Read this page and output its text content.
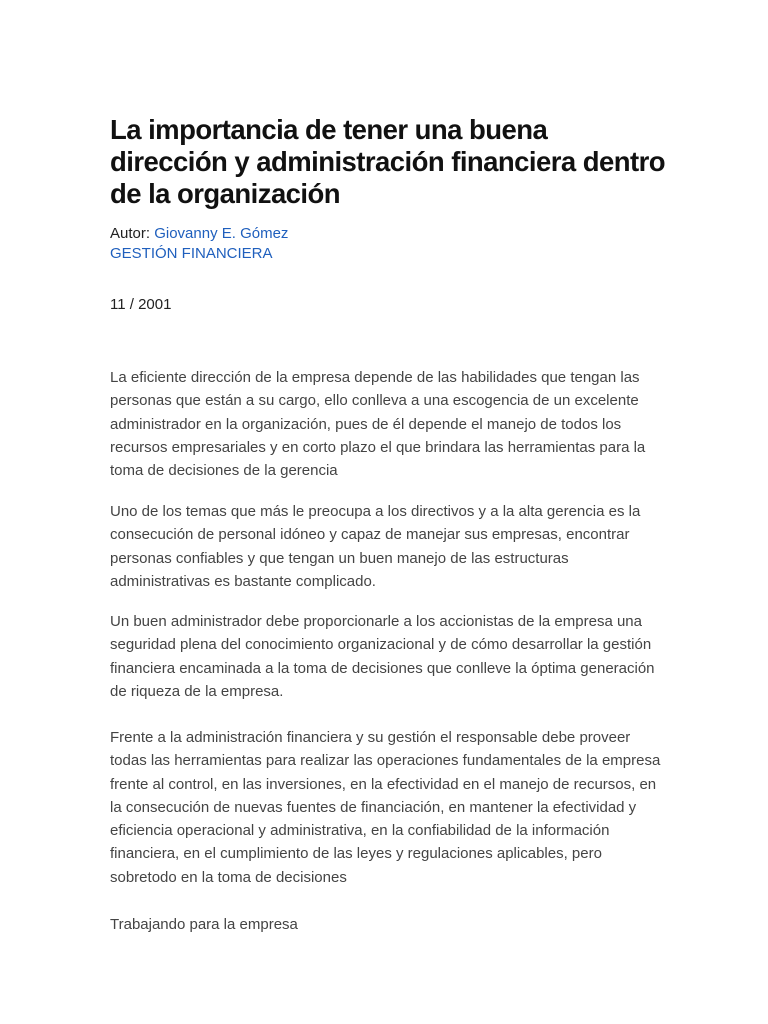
La importancia de tener una buena dirección y administración financiera dentro de la organización
Autor: Giovanny E. Gómez
GESTIÓN FINANCIERA
11 / 2001

La eficiente dirección de la empresa depende de las habilidades que tengan las personas que están a su cargo, ello conlleva a una escogencia de un excelente administrador en la organización, pues de él depende el manejo de todos los recursos empresariales y en corto plazo el que brindara las herramientas para la toma de decisiones de la gerencia

Uno de los temas que más le preocupa a los directivos y a la alta gerencia es la consecución de personal idóneo y capaz de manejar sus empresas, encontrar personas confiables y que tengan un buen manejo de las estructuras administrativas es bastante complicado.

Un buen administrador debe proporcionarle a los accionistas de la empresa una seguridad plena del conocimiento organizacional y de cómo desarrollar la gestión financiera encaminada a la toma de decisiones que conlleve la óptima generación de riqueza de la empresa.

Frente a la administración financiera y su gestión el responsable debe proveer todas las herramientas para realizar las operaciones fundamentales de la empresa frente al control, en las inversiones, en la efectividad en el manejo de recursos, en la consecución de nuevas fuentes de financiación, en mantener la efectividad y eficiencia operacional y administrativa, en la confiabilidad de la información financiera, en el cumplimiento de las leyes y regulaciones aplicables, pero sobretodo en la toma de decisiones

Trabajando para la empresa
